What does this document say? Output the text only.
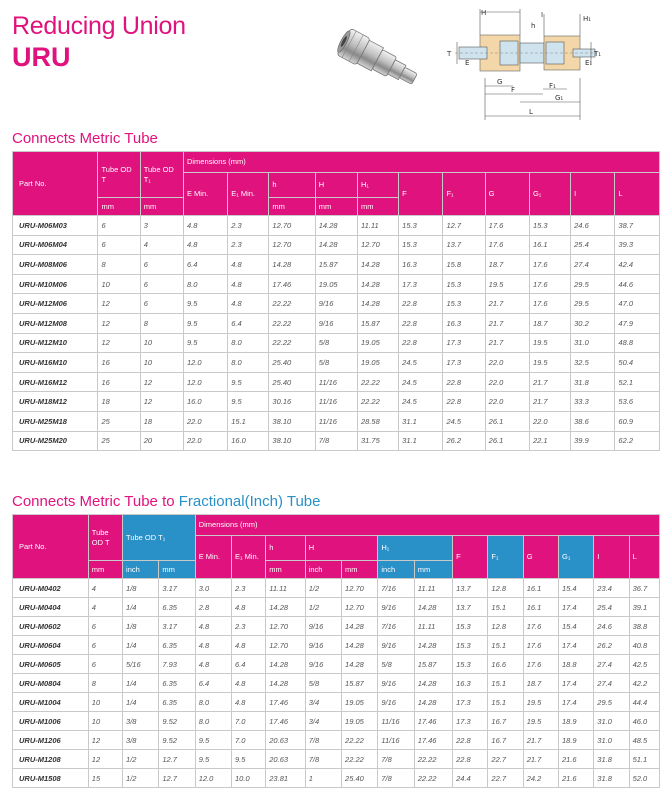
Reducing Union
URU
H	I
h
H₁
T
E	E₁
T₁
G
F	F₁
G₁
L
Connects Metric Tube
Part No.	Tube OD T	Tube OD T₁	Dimensions (mm)										
			E Min.	E₁ Min.	h	H	H₁	F	F₁	G	G₁	I	L
	mm	mm			mm	mm	mm						
URU-M06M03	6	3	4.8	2.3	12.70	14.28	11.11	15.3	12.7	17.6	15.3	24.6	38.7
URU-M06M04	6	4	4.8	2.3	12.70	14.28	12.70	15.3	13.7	17.6	16.1	25.4	39.3
URU-M08M06	8	6	6.4	4.8	14.28	15.87	14.28	16.3	15.8	18.7	17.6	27.4	42.4
URU-M10M06	10	6	8.0	4.8	17.46	19.05	14.28	17.3	15.3	19.5	17.6	29.5	44.6
URU-M12M06	12	6	9.5	4.8	22.22	9/16	14.28	22.8	15.3	21.7	17.6	29.5	47.0
URU-M12M08	12	8	9.5	6.4	22.22	9/16	15.87	22.8	16.3	21.7	18.7	30.2	47.9
URU-M12M10	12	10	9.5	8.0	22.22	5/8	19.05	22.8	17.3	21.7	19.5	31.0	48.8
URU-M16M10	16	10	12.0	8.0	25.40	5/8	19.05	24.5	17.3	22.0	19.5	32.5	50.4
URU-M16M12	16	12	12.0	9.5	25.40	11/16	22.22	24.5	22.8	22.0	21.7	31.8	52.1
URU-M18M12	18	12	16.0	9.5	30.16	11/16	22.22	24.5	22.8	22.0	21.7	33.3	53.6
URU-M25M18	25	18	22.0	15.1	38.10	11/16	28.58	31.1	24.5	26.1	22.0	38.6	60.9
URU-M25M20	25	20	22.0	16.0	38.10	7/8	31.75	31.1	26.2	26.1	22.1	39.9	62.2
Connects Metric Tube to Fractional(Inch) Tube
Part No.	Tube OD T	Tube OD T₁		Dimensions (mm)												
				E Min.	E₁ Min.	h	H		H₁		F	F₁	G	G₁	I	L
	mm	inch	mm			mm	inch	mm	inch	mm						
URU-M0402	4	1/8	3.17	3.0	2.3	11.11	1/2	12.70	7/16	11.11	13.7	12.8	16.1	15.4	23.4	36.7
URU-M0404	4	1/4	6.35	2.8	4.8	14.28	1/2	12.70	9/16	14.28	13.7	15.1	16.1	17.4	25.4	39.1
URU-M0602	6	1/8	3.17	4.8	2.3	12.70	9/16	14.28	7/16	11.11	15.3	12.8	17.6	15.4	24.6	38.8
URU-M0604	6	1/4	6.35	4.8	4.8	12.70	9/16	14.28	9/16	14.28	15.3	15.1	17.6	17.4	26.2	40.8
URU-M0605	6	5/16	7.93	4.8	6.4	14.28	9/16	14.28	5/8	15.87	15.3	16.6	17.6	18.8	27.4	42.5
URU-M0804	8	1/4	6.35	6.4	4.8	14.28	5/8	15.87	9/16	14.28	16.3	15.1	18.7	17.4	27.4	42.2
URU-M1004	10	1/4	6.35	8.0	4.8	17.46	3/4	19.05	9/16	14.28	17.3	15.1	19.5	17.4	29.5	44.4
URU-M1006	10	3/8	9.52	8.0	7.0	17.46	3/4	19.05	11/16	17.46	17.3	16.7	19.5	18.9	31.0	46.0
URU-M1206	12	3/8	9.52	9.5	7.0	20.63	7/8	22.22	11/16	17.46	22.8	16.7	21.7	18.9	31.0	48.5
URU-M1208	12	1/2	12.7	9.5	9.5	20.63	7/8	22.22	7/8	22.22	22.8	22.7	21.7	21.6	31.8	51.1
URU-M1508	15	1/2	12.7	12.0	10.0	23.81	1	25.40	7/8	22.22	24.4	22.7	24.2	21.6	31.8	52.0
